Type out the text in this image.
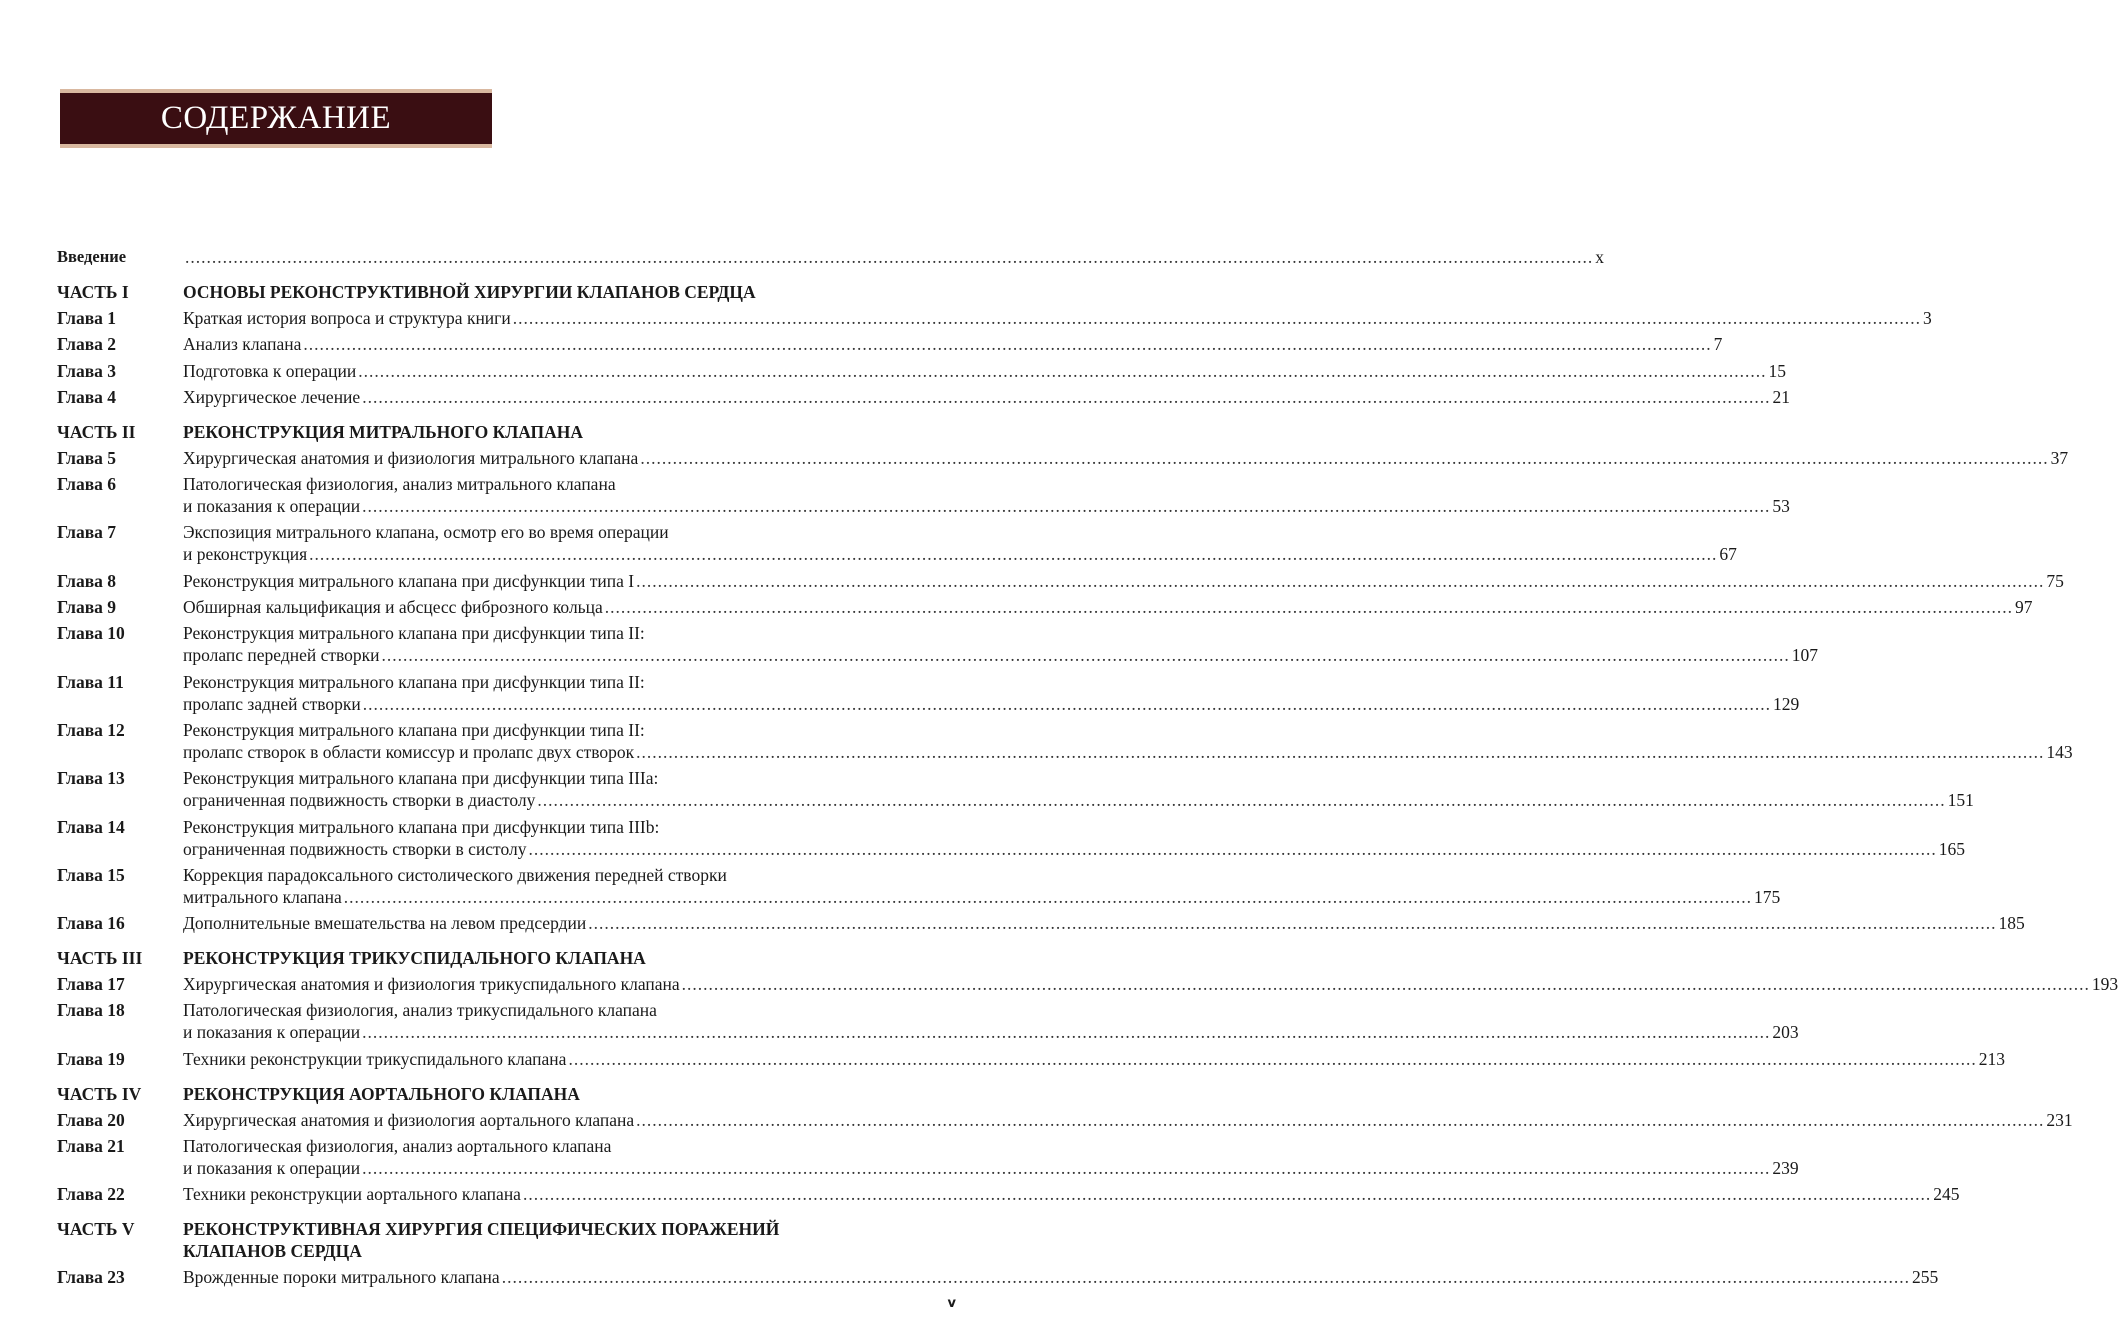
СОДЕРЖАНИЕ
Введение .....	x
ЧАСТЬ I	ОСНОВЫ РЕКОНСТРУКТИВНОЙ ХИРУРГИИ КЛАПАНОВ СЕРДЦА
Глава 1	Краткая история вопроса и структура книги .....	3
Глава 2	Анализ клапана .....	7
Глава 3	Подготовка к операции .....	15
Глава 4	Хирургическое лечение .....	21
ЧАСТЬ II	РЕКОНСТРУКЦИЯ МИТРАЛЬНОГО КЛАПАНА
Глава 5	Хирургическая анатомия и физиология митрального клапана .....	37
Глава 6	Патологическая физиология, анализ митрального клапана
и показания к операции .....	53
Глава 7	Экспозиция митрального клапана, осмотр его во время операции
и реконструкция .....	67
Глава 8	Реконструкция митрального клапана при дисфункции типа I .....	75
Глава 9	Обширная кальцификация и абсцесс фиброзного кольца .....	97
Глава 10	Реконструкция митрального клапана при дисфункции типа II:
пролапс передней створки .....	107
Глава 11	Реконструкция митрального клапана при дисфункции типа II:
пролапс задней створки .....	129
Глава 12	Реконструкция митрального клапана при дисфункции типа II:
пролапс створок в области комиссур и пролапс двух створок .....	143
Глава 13	Реконструкция митрального клапана при дисфункции типа IIIa:
ограниченная подвижность створки в диастолу .....	151
Глава 14	Реконструкция митрального клапана при дисфункции типа IIIb:
ограниченная подвижность створки в систолу .....	165
Глава 15	Коррекция парадоксального систолического движения передней створки
митрального клапана .....	175
Глава 16	Дополнительные вмешательства на левом предсердии .....	185
ЧАСТЬ III	РЕКОНСТРУКЦИЯ ТРИКУСПИДАЛЬНОГО КЛАПАНА
Глава 17	Хирургическая анатомия и физиология трикуспидального клапана .....	193
Глава 18	Патологическая физиология, анализ трикуспидального клапана
и показания к операции .....	203
Глава 19	Техники реконструкции трикуспидального клапана .....	213
ЧАСТЬ IV	РЕКОНСТРУКЦИЯ АОРТАЛЬНОГО КЛАПАНА
Глава 20	Хирургическая анатомия и физиология аортального клапана .....	231
Глава 21	Патологическая физиология, анализ аортального клапана
и показания к операции .....	239
Глава 22	Техники реконструкции аортального клапана .....	245
ЧАСТЬ V	РЕКОНСТРУКТИВНАЯ ХИРУРГИЯ СПЕЦИФИЧЕСКИХ ПОРАЖЕНИЙ
КЛАПАНОВ СЕРДЦА
Глава 23	Врожденные пороки митрального клапана .....	255
v
